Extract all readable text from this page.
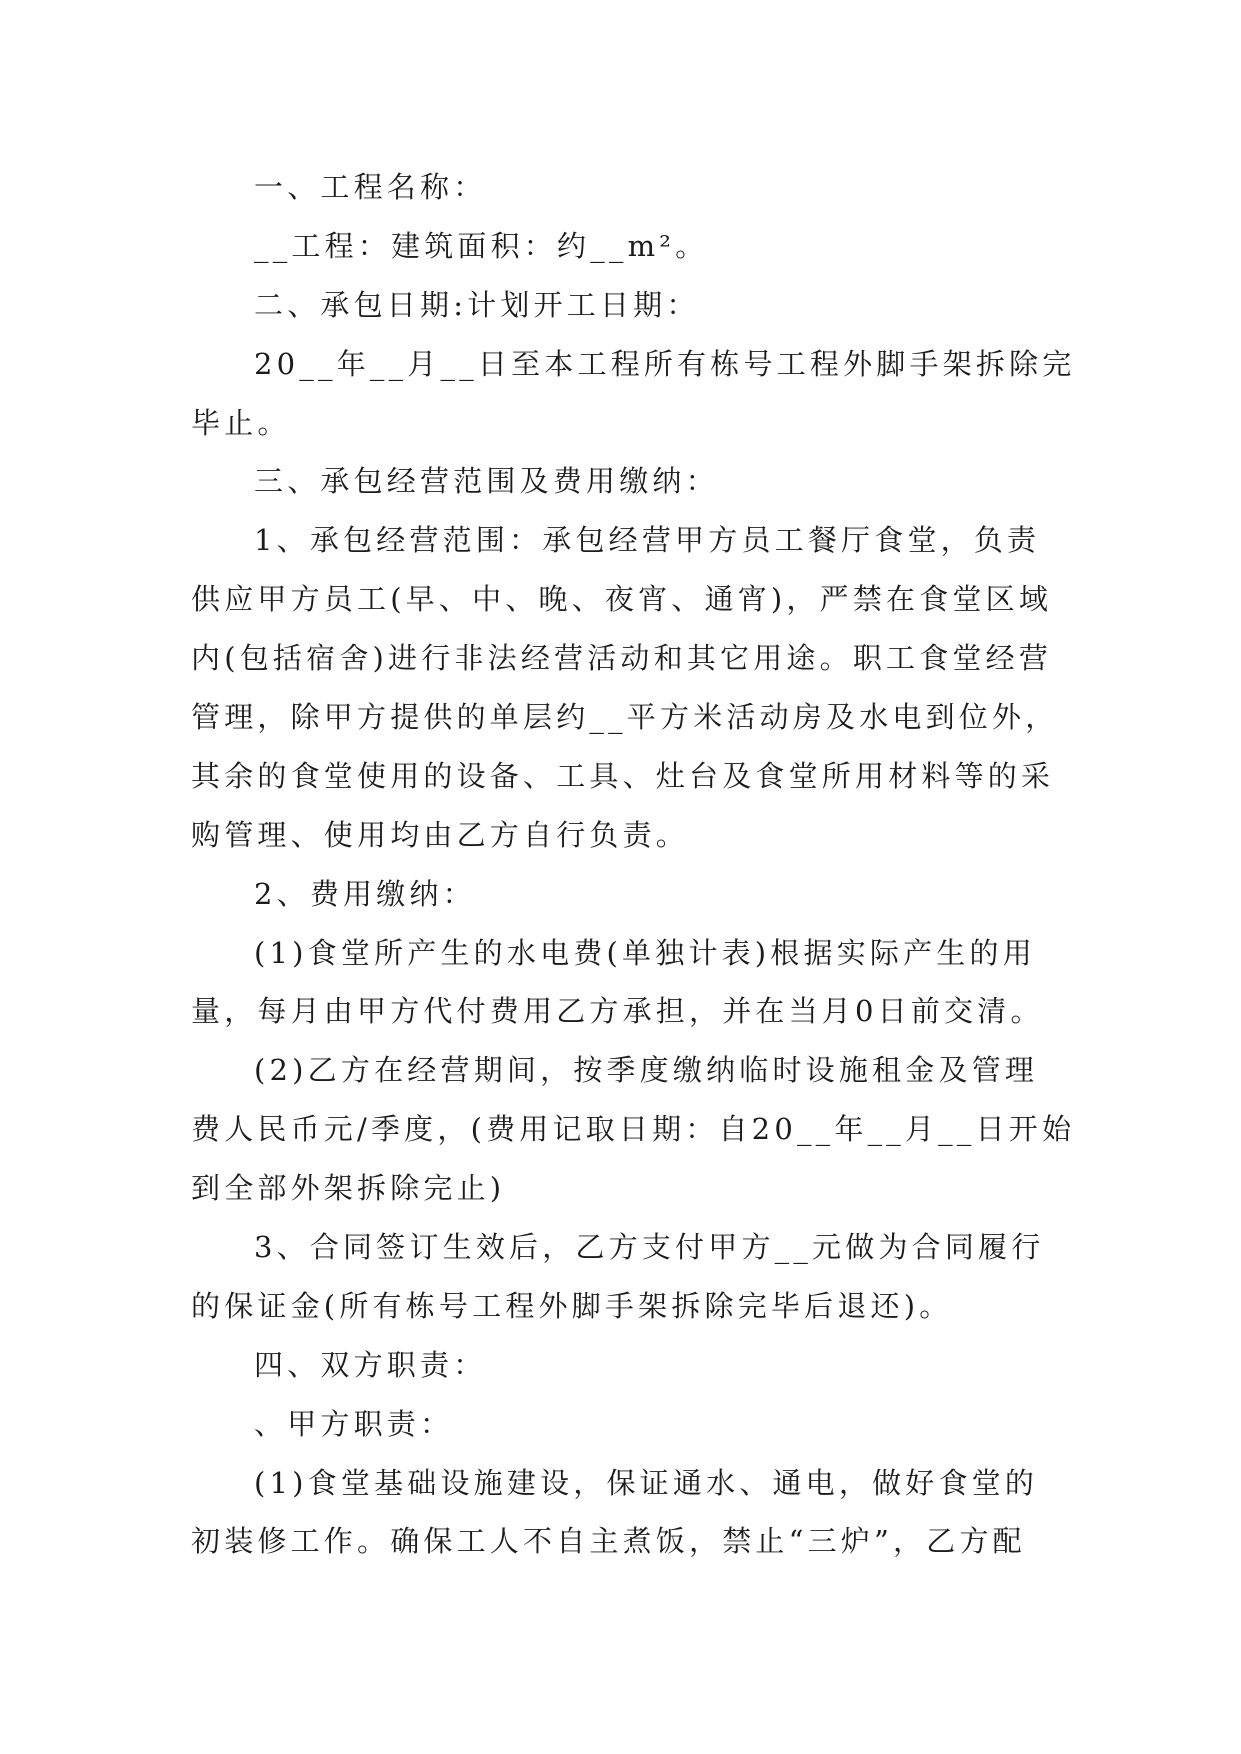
一、工程名称：
__工程：建筑面积：约__m²。
二、承包日期:计划开工日期：
20__年__月__日至本工程所有栋号工程外脚手架拆除完
毕止。
三、承包经营范围及费用缴纳：
1、承包经营范围：承包经营甲方员工餐厅食堂，负责
供应甲方员工(早、中、晚、夜宵、通宵)，严禁在食堂区域
内(包括宿舍)进行非法经营活动和其它用途。职工食堂经营
管理，除甲方提供的单层约__平方米活动房及水电到位外，
其余的食堂使用的设备、工具、灶台及食堂所用材料等的采
购管理、使用均由乙方自行负责。
2、费用缴纳：
(1)食堂所产生的水电费(单独计表)根据实际产生的用
量，每月由甲方代付费用乙方承担，并在当月0日前交清。
(2)乙方在经营期间，按季度缴纳临时设施租金及管理
费人民币元/季度，(费用记取日期：自20__年__月__日开始
到全部外架拆除完止)
3、合同签订生效后，乙方支付甲方__元做为合同履行
的保证金(所有栋号工程外脚手架拆除完毕后退还)。
四、双方职责：
、甲方职责：
(1)食堂基础设施建设，保证通水、通电，做好食堂的
初装修工作。确保工人不自主煮饭，禁止“三炉”，乙方配
